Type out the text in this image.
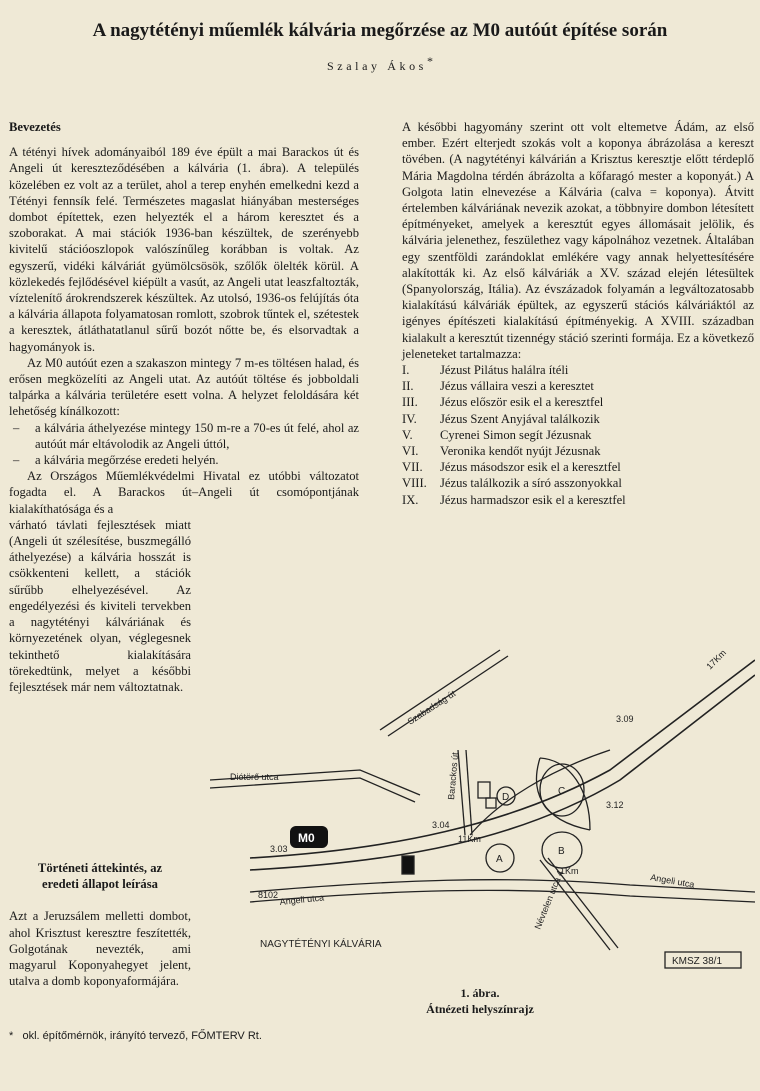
A nagytétényi műemlék kálvária megőrzése az M0 autóút építése során
Szalay Ákos*
Bevezetés

A tétényi hívek adományaiból 189 éve épült a mai Barackos út és Angeli út kereszteződésében a kálvária (1. ábra). A település közelében ez volt az a terület, ahol a terep enyhén emelkedni kezd a Tétényi fennsík felé. Természetes magaslat hiányában mesterséges dombot építettek, ezen helyezték el a három keresztet és a szoborakat. A mai stációk 1936-ban készültek, de szerényebb kivitelű stációoszlopok valószínűleg korábban is voltak. Az egyszerű, vidéki kálváriát gyümölcsösök, szőlők ölelték körül. A közlekedés fejlődésével kiépült a vasút, az Angeli utat leaszfaltozták, víztelenítő árokrendszerek készültek. Az utolsó, 1936-os felújítás óta a kálvária állapota folyamatosan romlott, szobrok tűntek el, szétestek a keresztek, átláthatatlanul sűrű bozót nőtte be, és elsorvadtak a hagyományok is.

Az M0 autóút ezen a szakaszon mintegy 7 m-es töltésen halad, és erősen megközelíti az Angeli utat. Az autóút töltése és jobboldali talpárka a kálvária területére esett volna. A helyzet feloldására két lehetőség kínálkozott:

–	a kálvária áthelyezése mintegy 150 m-re a 70-es út felé, ahol az autóút már eltávolodik az Angeli úttól,

–	a kálvária megőrzése eredeti helyén.

Az Országos Műemlékvédelmi Hivatal ez utóbbi változatot fogadta el. A Barackos út–Angeli út csomópontjának kialakíthatósága és a

várható távlati fejlesztések miatt (Angeli út szélesítése, buszmegálló áthelyezése) a kálvária hosszát is csökkenteni kellett, a stációk sűrűbb elhelyezésével. Az engedélyezési és kiviteli tervekben a nagytétényi kálváriának és környezetének olyan, véglegesnek tekinthető kialakítására törekedtünk, melyet a későbbi fejlesztések már nem változtatnak.

Történeti áttekintés, az
eredeti állapot leírása

Azt a Jeruzsálem melletti dombot, ahol Krisztust keresztre feszítették, Golgotának nevezték, ami magyarul Koponyahegyet jelent, utalva a domb koponyaformájára.

* okl. építőmérnök, irányító tervező, FŐMTERV Rt.

A későbbi hagyomány szerint ott volt eltemetve Ádám, az első ember. Ezért elterjedt szokás volt a koponya ábrázolása a kereszt tövében. (A nagytétényi kálvárián a Krisztus keresztje előtt térdeplő Mária Magdolna térdén ábrázolta a kőfaragó mester a koponyát.) A Golgota latin elnevezése a Kálvária (calva = koponya). Átvitt értelemben kálváriának nevezik azokat, a többnyire dombon létesített építményeket, amelyek a keresztút egyes állomásait jelölik, és kálvária jelenethez, feszülethez vagy kápolnához vezetnek. Általában egy szentföldi zarándoklat emlékére vagy annak helyettesítésére alakították ki. Az első kálváriák a XV. század elején létesültek (Spanyolország, Itália). Az évszázadok folyamán a legváltozatosabb kialakítású kálváriák épültek, az egyszerű stációs kálváriáktól az igényes építészeti kialakítású építményekig. A XVIII. században kialakult a keresztút tizennégy stáció szerinti formája. Ez a következő jeleneteket tartalmazza:

I.	Jézust Pilátus halálra ítéli
II.	Jézus vállaira veszi a keresztet
III.	Jézus először esik el a keresztfel
IV.	Jézus Szent Anyjával találkozik
V.	Cyrenei Simon segít Jézusnak
VI.	Veronika kendőt nyújt Jézusnak
VII.	Jézus másodszor esik el a keresztfel
VIII.	Jézus találkozik a síró asszonyokkal
IX.	Jézus harmadszor esik el a keresztfel
Szabadság út
Diótörő utca	Barackos út
Angeli utca
Angeli utca
Névtelen utca 4
8102
3.03
3.04
3.09
3.12
11Km
1Km
17Km
A
B
C
D
NAGYTÉTÉNYI KÁLVÁRIA
KMSZ 38/1
M0
1. ábra.
Átnézeti helyszínrajz
